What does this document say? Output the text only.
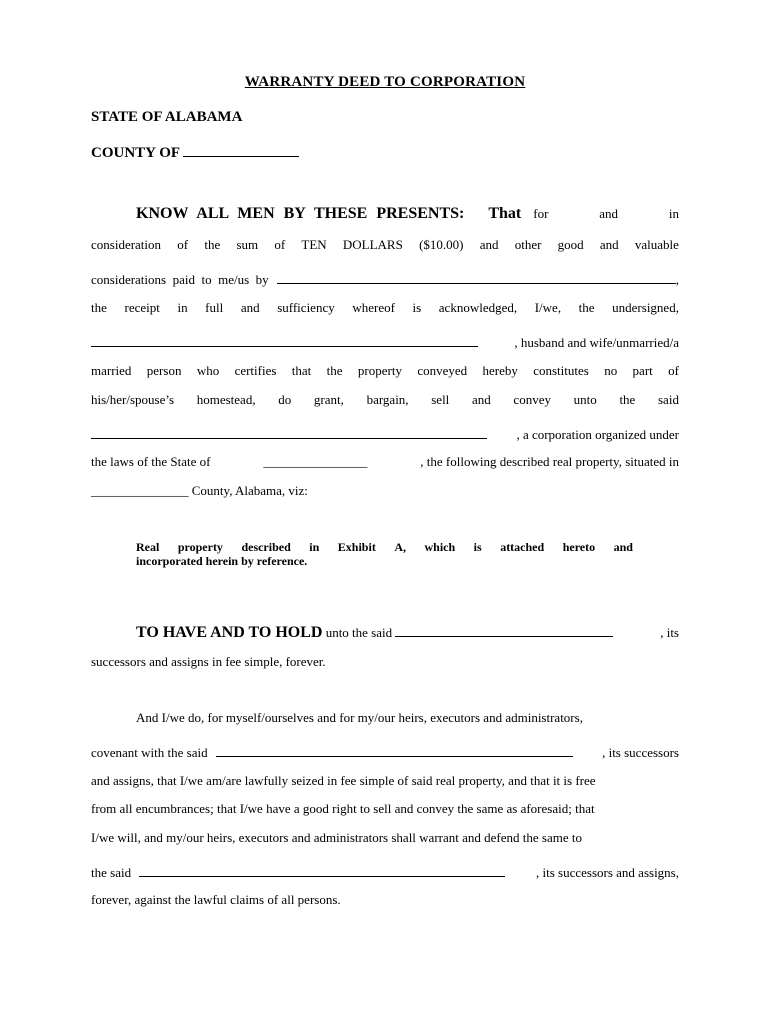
WARRANTY DEED TO CORPORATION
STATE OF ALABAMA
COUNTY OF
KNOW ALL MEN BY THESE PRESENTS: That for	and	in
consideration of the sum of TEN DOLLARS ($10.00) and other good and valuable
considerations  paid  to  me/us  by	,
the receipt in full and sufficiency whereof is acknowledged, I/we, the undersigned,
, husband and wife/unmarried/a
married person who certifies that the property conveyed hereby constitutes no part of
his/her/spouse’s homestead, do grant, bargain, sell and convey unto the said
, a corporation organized under
the laws of the State of	________________	, the following described real property, situated in
_______________ County, Alabama, viz:
Real property described in Exhibit A, which is attached hereto and
incorporated herein by reference.
TO HAVE AND TO HOLD unto the said	, its
successors and assigns in fee simple, forever.
And I/we do, for myself/ourselves and for my/our heirs, executors and administrators,
covenant with the said	, its successors
and assigns, that I/we am/are lawfully seized in fee simple of said real property, and that it is free
from all encumbrances; that I/we have a good right to sell and convey the same as aforesaid; that
I/we will, and my/our heirs, executors and administrators shall warrant and defend the same to
the said	, its successors and assigns,
forever, against the lawful claims of all persons.
